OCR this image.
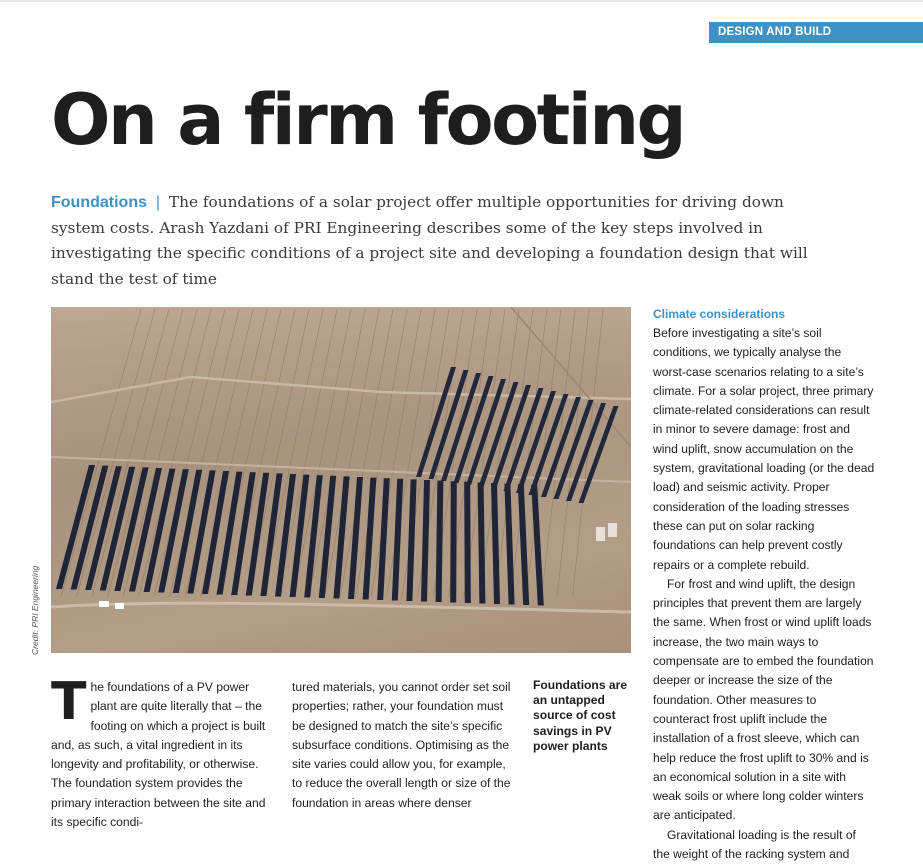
DESIGN AND BUILD
On a firm footing

Foundations | The foundations of a solar project offer multiple opportunities for driving down system costs. Arash Yazdani of PRI Engineering describes some of the key steps involved in investigating the specific conditions of a project site and developing a foundation design that will stand the test of time

Credit: PRI Engineering

The foundations of a PV power plant are quite literally that – the footing on which a project is built and, as such, a vital ingredient in its longevity and profitability, or otherwise. The foundation system provides the primary interaction between the site and its specific condi-

tured materials, you cannot order set soil properties; rather, your foundation must be designed to match the site’s specific subsurface conditions. Optimising as the site varies could allow you, for example, to reduce the overall length or size of the foundation in areas where denser

Foundations are an untapped source of cost savings in PV power plants

Climate considerations

Before investigating a site’s soil conditions, we typically analyse the worst-case scenarios relating to a site’s climate. For a solar project, three primary climate-related considerations can result in minor to severe damage: frost and wind uplift, snow accumulation on the system, gravitational loading (or the dead load) and seismic activity. Proper consideration of the loading stresses these can put on solar racking foundations can help prevent costly repairs or a complete rebuild.

For frost and wind uplift, the design principles that prevent them are largely the same. When frost or wind uplift loads increase, the two main ways to compensate are to embed the foundation deeper or increase the size of the foundation. Other measures to counteract frost uplift include the installation of a frost sleeve, which can help reduce the frost uplift to 30% and is an economical solution in a site with weak soils or where long colder winters are anticipated.

Gravitational loading is the result of the weight of the racking system and
